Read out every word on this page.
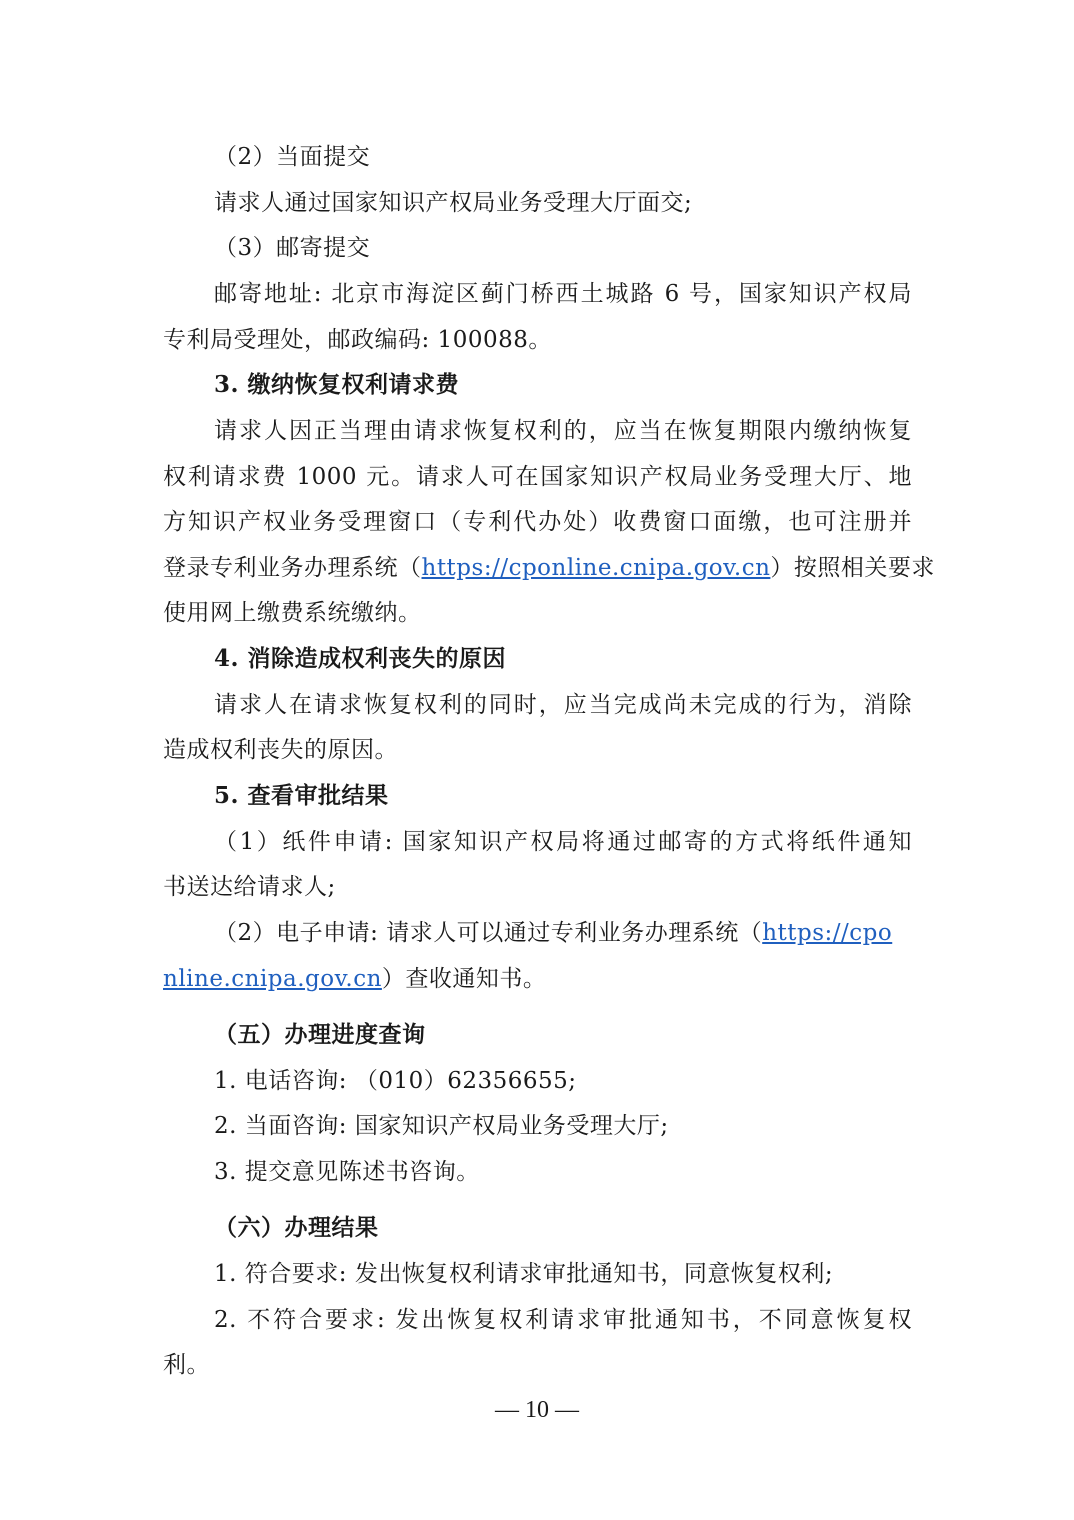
（2）当面提交
请求人通过国家知识产权局业务受理大厅面交;
（3）邮寄提交
邮寄地址: 北京市海淀区蓟门桥西土城路 6 号，国家知识产权局
专利局受理处，邮政编码: 100088。
3. 缴纳恢复权利请求费
请求人因正当理由请求恢复权利的，应当在恢复期限内缴纳恢复
权利请求费 1000 元。请求人可在国家知识产权局业务受理大厅、地
方知识产权业务受理窗口（专利代办处）收费窗口面缴，也可注册并
登录专利业务办理系统（https://cponline.cnipa.gov.cn）按照相关要求
使用网上缴费系统缴纳。
4. 消除造成权利丧失的原因
请求人在请求恢复权利的同时，应当完成尚未完成的行为，消除
造成权利丧失的原因。
5. 查看审批结果
（1）纸件申请: 国家知识产权局将通过邮寄的方式将纸件通知
书送达给请求人;
（2）电子申请: 请求人可以通过专利业务办理系统（https://cpo
nline.cnipa.gov.cn）查收通知书。
（五）办理进度查询
1. 电话咨询: （010）62356655;
2. 当面咨询: 国家知识产权局业务受理大厅;
3. 提交意见陈述书咨询。
（六）办理结果
1. 符合要求: 发出恢复权利请求审批通知书，同意恢复权利;
2. 不符合要求: 发出恢复权利请求审批通知书，不同意恢复权
利。
— 10 —
